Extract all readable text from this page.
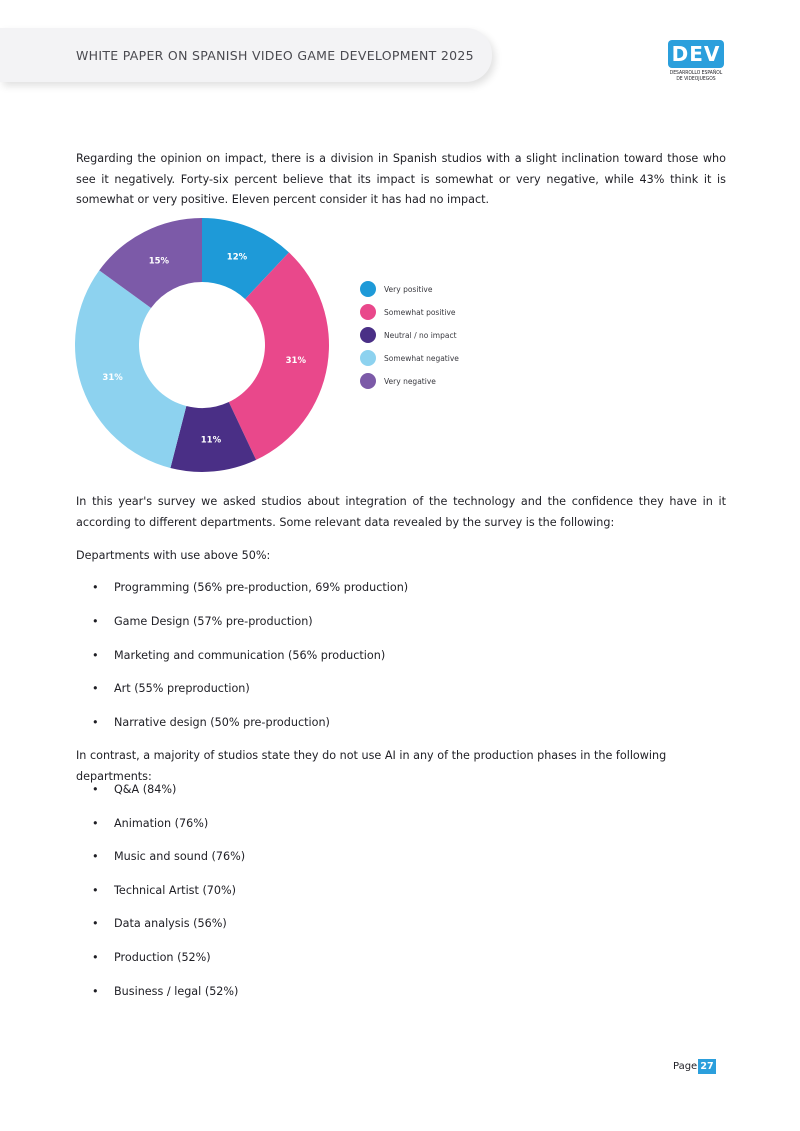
WHITE PAPER ON SPANISH VIDEO GAME DEVELOPMENT 2025	DEV
DESARROLLO ESPAÑOL
DE VIDEOJUEGOS

Regarding the opinion on impact, there is a division in Spanish studios with a slight inclination toward those who see it negatively. Forty-six percent believe that its impact is somewhat or very negative, while 43% think it is somewhat or very positive. Eleven percent consider it has had no impact.

12%
31%
11%
31%
15%
Very positive
Somewhat positive
Neutral / no impact
Somewhat negative
Very negative

In this year's survey we asked studios about integration of the technology and the confidence they have in it according to different departments. Some relevant data revealed by the survey is the following:

Departments with use above 50%:

•	Programming (56% pre-production, 69% production)
•	Game Design (57% pre-production)
•	Marketing and communication (56% production)
•	Art (55% preproduction)
•	Narrative design (50% pre-production)

In contrast, a majority of studios state they do not use AI in any of the production phases in the following departments:

•	Q&A (84%)
•	Animation (76%)
•	Music and sound (76%)
•	Technical Artist (70%)
•	Data analysis (56%)
•	Production (52%)
•	Business / legal (52%)
Page 27
